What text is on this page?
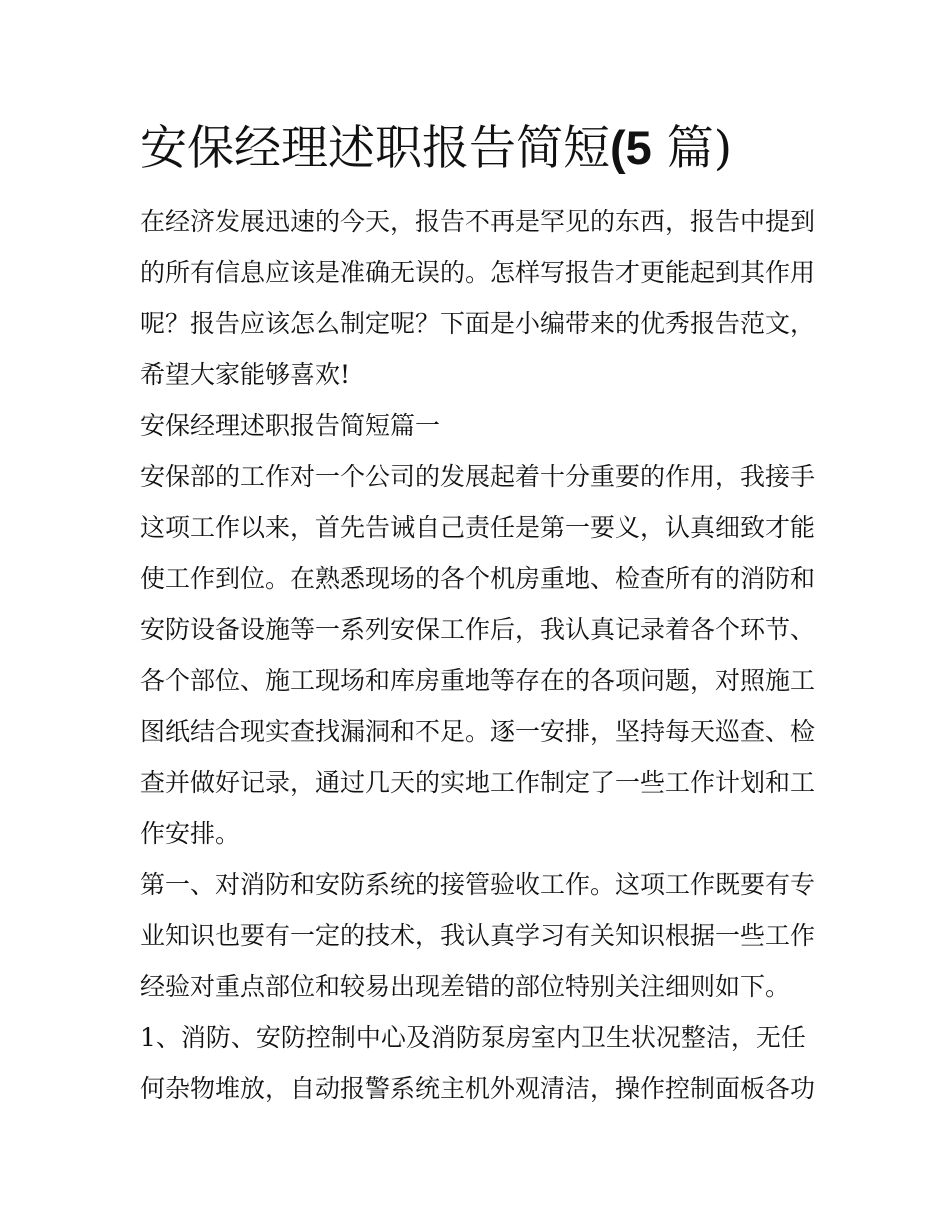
安保经理述职报告简短(5 篇)
在经济发展迅速的今天，报告不再是罕见的东西，报告中提到
的所有信息应该是准确无误的。怎样写报告才更能起到其作用
呢？报告应该怎么制定呢？下面是小编带来的优秀报告范文，
希望大家能够喜欢!
安保经理述职报告简短篇一
安保部的工作对一个公司的发展起着十分重要的作用，我接手
这项工作以来，首先告诫自己责任是第一要义，认真细致才能
使工作到位。在熟悉现场的各个机房重地、检查所有的消防和
安防设备设施等一系列安保工作后，我认真记录着各个环节、
各个部位、施工现场和库房重地等存在的各项问题，对照施工
图纸结合现实查找漏洞和不足。逐一安排，坚持每天巡查、检
查并做好记录，通过几天的实地工作制定了一些工作计划和工
作安排。
第一、对消防和安防系统的接管验收工作。这项工作既要有专
业知识也要有一定的技术，我认真学习有关知识根据一些工作
经验对重点部位和较易出现差错的部位特别关注细则如下。
1、消防、安防控制中心及消防泵房室内卫生状况整洁，无任
何杂物堆放，自动报警系统主机外观清洁，操作控制面板各功
